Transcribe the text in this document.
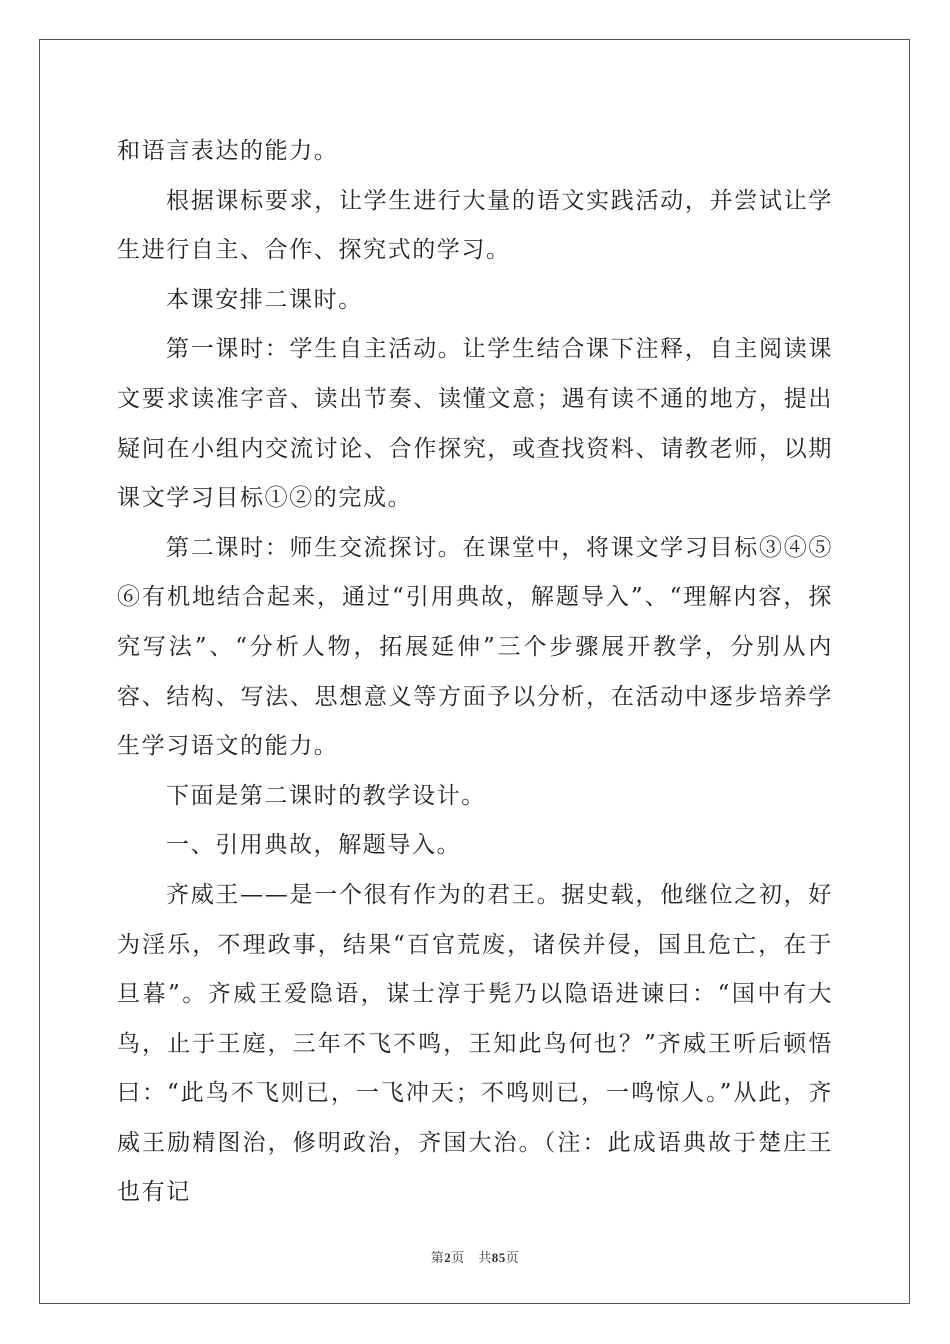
和语言表达的能力。

根据课标要求，让学生进行大量的语文实践活动，并尝试让学生进行自主、合作、探究式的学习。

本课安排二课时。

第一课时：学生自主活动。让学生结合课下注释，自主阅读课文要求读准字音、读出节奏、读懂文意；遇有读不通的地方，提出疑问在小组内交流讨论、合作探究，或查找资料、请教老师，以期课文学习目标①②的完成。

第二课时：师生交流探讨。在课堂中，将课文学习目标③④⑤⑥有机地结合起来，通过“引用典故，解题导入”、“理解内容，探究写法”、“分析人物，拓展延伸”三个步骤展开教学，分别从内容、结构、写法、思想意义等方面予以分析，在活动中逐步培养学生学习语文的能力。

下面是第二课时的教学设计。

一、引用典故，解题导入。

齐威王——是一个很有作为的君王。据史载，他继位之初，好为淫乐，不理政事，结果“百官荒废，诸侯并侵，国且危亡，在于旦暮”。齐威王爱隐语，谋士淳于髡乃以隐语进谏曰：“国中有大鸟，止于王庭，三年不飞不鸣，王知此鸟何也？”齐威王听后顿悟曰：“此鸟不飞则已，一飞冲天；不鸣则已，一鸣惊人。”从此，齐威王励精图治，修明政治，齐国大治。（注：此成语典故于楚庄王也有记

第2页　共85页
